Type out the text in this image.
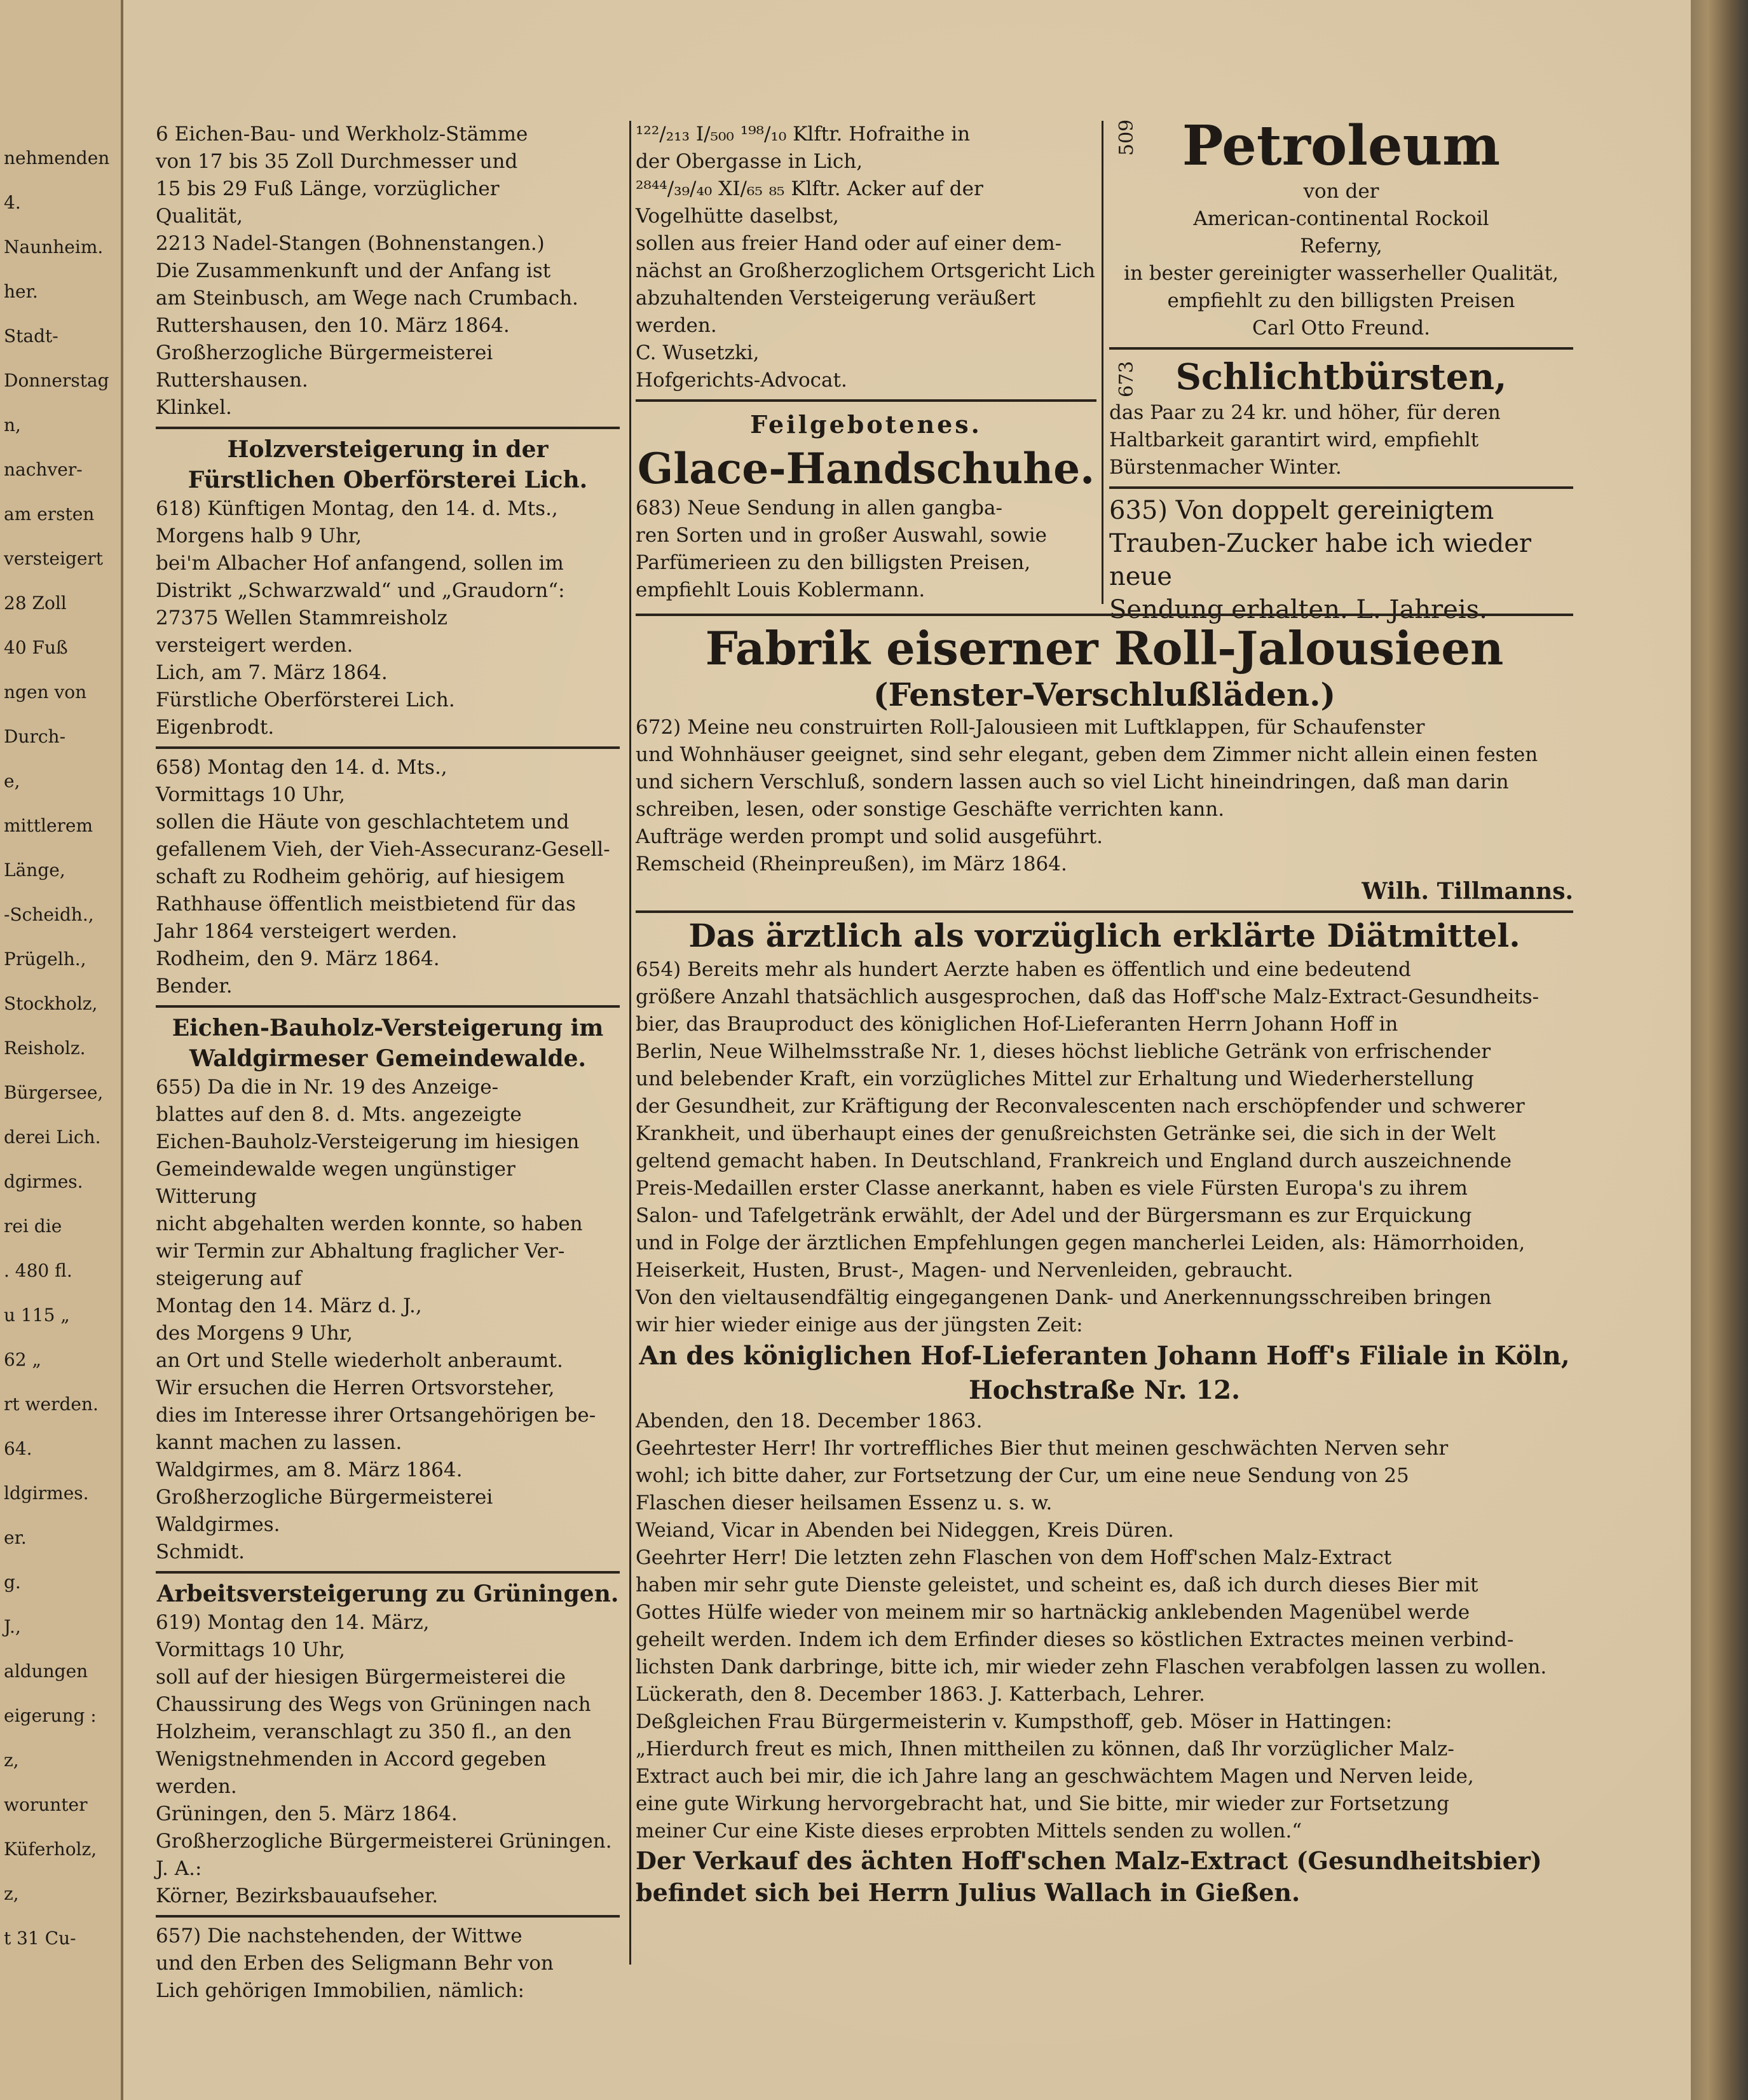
nehmenden

4.

Naunheim.

her.

Stadt-

Donnerstag

n,

nachver-

am ersten

versteigert

28 Zoll

40 Fuß

ngen von

Durch-

e,

mittlerem

Länge,

-Scheidh.,

Prügelh.,

Stockholz,

Reisholz.

Bürgersee,

derei Lich.

dgirmes.

rei die

. 480 fl.

u 115 „

62 „

rt werden.

64.

ldgirmes.

er.

g.

J.,

aldungen

eigerung :

z,

worunter

Küferholz,

z,

t 31 Cu-

6 Eichen-Bau- und Werkholz-Stämme

von 17 bis 35 Zoll Durchmesser und

15 bis 29 Fuß Länge, vorzüglicher

Qualität,

2213 Nadel-Stangen (Bohnenstangen.)

Die Zusammenkunft und der Anfang ist

am Steinbusch, am Wege nach Crumbach.

Ruttershausen, den 10. März 1864.

Großherzogliche Bürgermeisterei

Ruttershausen.

Klinkel.

Holzversteigerung in der Fürstlichen Oberförsterei Lich.

618) Künftigen Montag, den 14. d. Mts.,

Morgens halb 9 Uhr,

bei'm Albacher Hof anfangend, sollen im

Distrikt „Schwarzwald“ und „Graudorn“:

27375 Wellen Stammreisholz

versteigert werden.

Lich, am 7. März 1864.

Fürstliche Oberförsterei Lich.

Eigenbrodt.

658) Montag den 14. d. Mts.,

Vormittags 10 Uhr,

sollen die Häute von geschlachtetem und

gefallenem Vieh, der Vieh-Assecuranz-Gesell-

schaft zu Rodheim gehörig, auf hiesigem

Rathhause öffentlich meistbietend für das

Jahr 1864 versteigert werden.

Rodheim, den 9. März 1864.

Bender.

Eichen-Bauholz-Versteigerung im Waldgirmeser Gemeindewalde.

655) Da die in Nr. 19 des Anzeige-

blattes auf den 8. d. Mts. angezeigte

Eichen-Bauholz-Versteigerung im hiesigen

Gemeindewalde wegen ungünstiger Witterung

nicht abgehalten werden konnte, so haben

wir Termin zur Abhaltung fraglicher Ver-

steigerung auf

Montag den 14. März d. J.,

des Morgens 9 Uhr,

an Ort und Stelle wiederholt anberaumt.

Wir ersuchen die Herren Ortsvorsteher,

dies im Interesse ihrer Ortsangehörigen be-

kannt machen zu lassen.

Waldgirmes, am 8. März 1864.

Großherzogliche Bürgermeisterei Waldgirmes.

Schmidt.

Arbeitsversteigerung zu Grüningen.

619) Montag den 14. März,

Vormittags 10 Uhr,

soll auf der hiesigen Bürgermeisterei die

Chaussirung des Wegs von Grüningen nach

Holzheim, veranschlagt zu 350 fl., an den

Wenigstnehmenden in Accord gegeben werden.

Grüningen, den 5. März 1864.

Großherzogliche Bürgermeisterei Grüningen.

J. A.:

Körner, Bezirksbauaufseher.

657) Die nachstehenden, der Wittwe

und den Erben des Seligmann Behr von

Lich gehörigen Immobilien, nämlich:

¹²²/₂₁₃ I/₅₀₀ ¹⁹⁸/₁₀ Klftr. Hofraithe in

der Obergasse in Lich,

²⁸⁴⁴/₃₉/₄₀ XI/₆₅ ₈₅ Klftr. Acker auf der

Vogelhütte daselbst,

sollen aus freier Hand oder auf einer dem-

nächst an Großherzoglichem Ortsgericht Lich

abzuhaltenden Versteigerung veräußert werden.

C. Wusetzki,

Hofgerichts-Advocat.

Feilgebotenes.
Glace-Handschuhe.

683) Neue Sendung in allen gangba-

ren Sorten und in großer Auswahl, sowie

Parfümerieen zu den billigsten Preisen,

empfiehlt Louis Koblermann.

Petroleum

von der

American-continental Rockoil

Referny,

in bester gereinigter wasserheller Qualität,

empfiehlt zu den billigsten Preisen

Carl Otto Freund.

Schlichtbürsten,

das Paar zu 24 kr. und höher, für deren

Haltbarkeit garantirt wird, empfiehlt

Bürstenmacher Winter.

635) Von doppelt gereinigtem

Trauben-Zucker habe ich wieder neue

Sendung erhalten. L. Jahreis.

509
673
Fabrik eiserner Roll-Jalousieen
(Fenster-Verschlußläden.)

672) Meine neu construirten Roll-Jalousieen mit Luftklappen, für Schaufenster

und Wohnhäuser geeignet, sind sehr elegant, geben dem Zimmer nicht allein einen festen

und sichern Verschluß, sondern lassen auch so viel Licht hineindringen, daß man darin

schreiben, lesen, oder sonstige Geschäfte verrichten kann.

Aufträge werden prompt und solid ausgeführt.

Remscheid (Rheinpreußen), im März 1864.

Wilh. Tillmanns.
Das ärztlich als vorzüglich erklärte Diätmittel.

654) Bereits mehr als hundert Aerzte haben es öffentlich und eine bedeutend

größere Anzahl thatsächlich ausgesprochen, daß das Hoff'sche Malz-Extract-Gesundheits-

bier, das Brauproduct des königlichen Hof-Lieferanten Herrn Johann Hoff in

Berlin, Neue Wilhelmsstraße Nr. 1, dieses höchst liebliche Getränk von erfrischender

und belebender Kraft, ein vorzügliches Mittel zur Erhaltung und Wiederherstellung

der Gesundheit, zur Kräftigung der Reconvalescenten nach erschöpfender und schwerer

Krankheit, und überhaupt eines der genußreichsten Getränke sei, die sich in der Welt

geltend gemacht haben. In Deutschland, Frankreich und England durch auszeichnende

Preis-Medaillen erster Classe anerkannt, haben es viele Fürsten Europa's zu ihrem

Salon- und Tafelgetränk erwählt, der Adel und der Bürgersmann es zur Erquickung

und in Folge der ärztlichen Empfehlungen gegen mancherlei Leiden, als: Hämorrhoiden,

Heiserkeit, Husten, Brust-, Magen- und Nervenleiden, gebraucht.

Von den vieltausendfältig eingegangenen Dank- und Anerkennungsschreiben bringen

wir hier wieder einige aus der jüngsten Zeit:

An des königlichen Hof-Lieferanten Johann Hoff's Filiale in Köln,
Hochstraße Nr. 12.

Abenden, den 18. December 1863.

Geehrtester Herr! Ihr vortreffliches Bier thut meinen geschwächten Nerven sehr

wohl; ich bitte daher, zur Fortsetzung der Cur, um eine neue Sendung von 25

Flaschen dieser heilsamen Essenz u. s. w.

Weiand, Vicar in Abenden bei Nideggen, Kreis Düren.

Geehrter Herr! Die letzten zehn Flaschen von dem Hoff'schen Malz-Extract

haben mir sehr gute Dienste geleistet, und scheint es, daß ich durch dieses Bier mit

Gottes Hülfe wieder von meinem mir so hartnäckig anklebenden Magenübel werde

geheilt werden. Indem ich dem Erfinder dieses so köstlichen Extractes meinen verbind-

lichsten Dank darbringe, bitte ich, mir wieder zehn Flaschen verabfolgen lassen zu wollen.

Lückerath, den 8. December 1863. J. Katterbach, Lehrer.

Deßgleichen Frau Bürgermeisterin v. Kumpsthoff, geb. Möser in Hattingen:

„Hierdurch freut es mich, Ihnen mittheilen zu können, daß Ihr vorzüglicher Malz-

Extract auch bei mir, die ich Jahre lang an geschwächtem Magen und Nerven leide,

eine gute Wirkung hervorgebracht hat, und Sie bitte, mir wieder zur Fortsetzung

meiner Cur eine Kiste dieses erprobten Mittels senden zu wollen.“

Der Verkauf des ächten Hoff'schen Malz-Extract (Gesundheitsbier)

befindet sich bei Herrn Julius Wallach in Gießen.
